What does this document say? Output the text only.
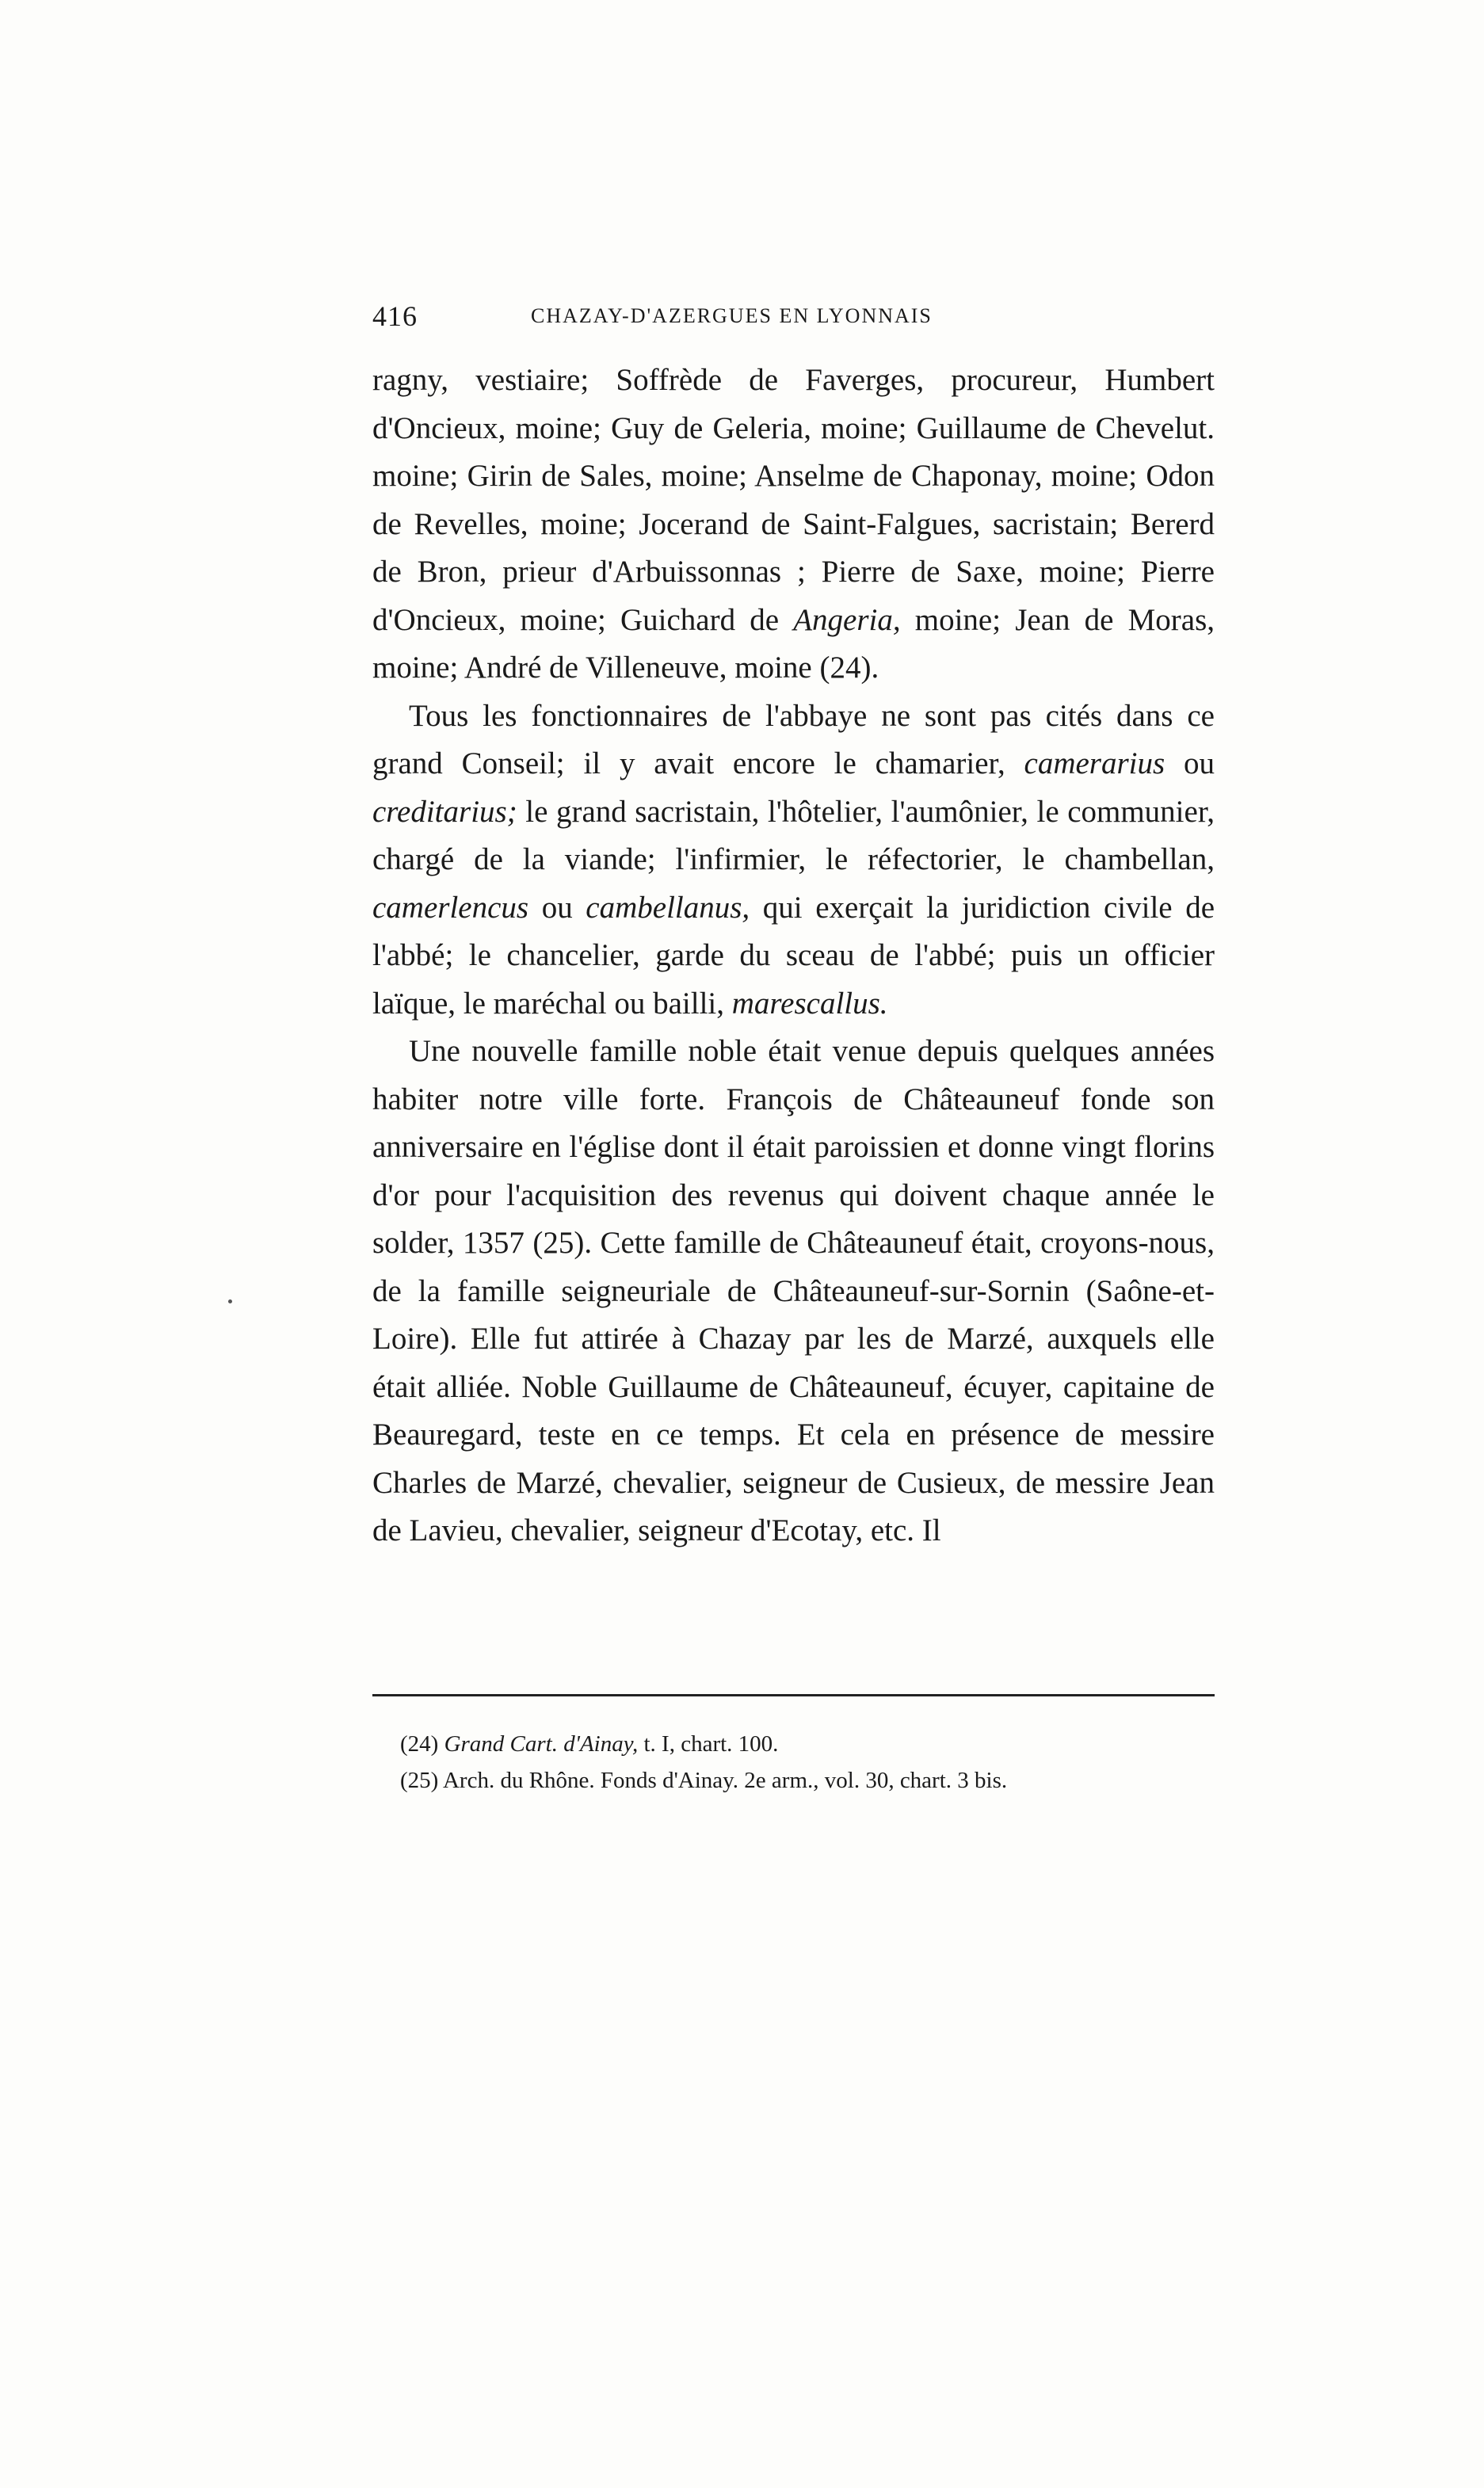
416	CHAZAY-D'AZERGUES EN LYONNAIS

ragny, vestiaire; Soffrède de Faverges, procureur, Humbert d'Oncieux, moine; Guy de Geleria, moine; Guillaume de Chevelut. moine; Girin de Sales, moine; Anselme de Chaponay, moine; Odon de Revelles, moine; Jocerand de Saint-Falgues, sacristain; Bererd de Bron, prieur d'Arbuissonnas ; Pierre de Saxe, moine; Pierre d'Oncieux, moine; Guichard de Angeria, moine; Jean de Moras, moine; André de Villeneuve, moine (24).

Tous les fonctionnaires de l'abbaye ne sont pas cités dans ce grand Conseil; il y avait encore le chamarier, camerarius ou creditarius; le grand sacristain, l'hôtelier, l'aumônier, le communier, chargé de la viande; l'infirmier, le réfectorier, le chambellan, camerlencus ou cambellanus, qui exerçait la juridiction civile de l'abbé; le chancelier, garde du sceau de l'abbé; puis un officier laïque, le maréchal ou bailli, marescallus.

Une nouvelle famille noble était venue depuis quelques années habiter notre ville forte. François de Châteauneuf fonde son anniversaire en l'église dont il était paroissien et donne vingt florins d'or pour l'acquisition des revenus qui doivent chaque année le solder, 1357 (25). Cette famille de Châteauneuf était, croyons-nous, de la famille seigneuriale de Châteauneuf-sur-Sornin (Saône-et-Loire). Elle fut attirée à Chazay par les de Marzé, auxquels elle était alliée. Noble Guillaume de Châteauneuf, écuyer, capitaine de Beauregard, teste en ce temps. Et cela en présence de messire Charles de Marzé, chevalier, seigneur de Cusieux, de messire Jean de Lavieu, chevalier, seigneur d'Ecotay, etc. Il

(24) Grand Cart. d'Ainay, t. I, chart. 100.

(25) Arch. du Rhône. Fonds d'Ainay. 2e arm., vol. 30, chart. 3 bis.
